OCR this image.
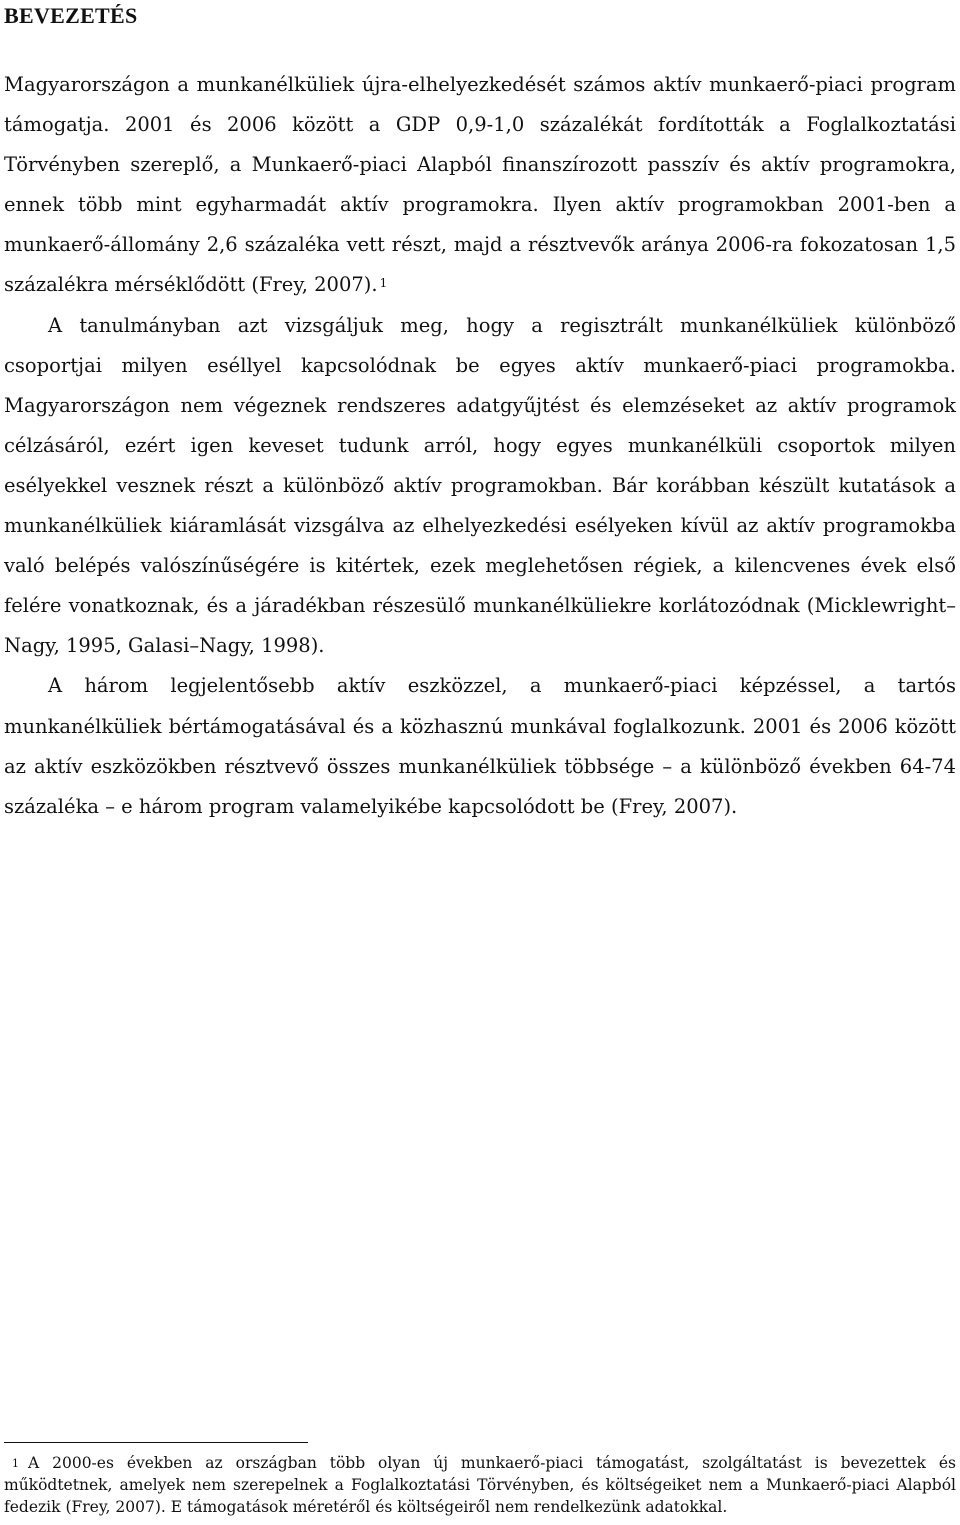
BEVEZETÉS

Magyarországon a munkanélküliek újra-elhelyezkedését számos aktív munkaerő-piaci program támogatja. 2001 és 2006 között a GDP 0,9-1,0 százalékát fordították a Foglalkoztatási Törvényben szereplő, a Munkaerő-piaci Alapból finanszírozott passzív és aktív programokra, ennek több mint egyharmadát aktív programokra. Ilyen aktív programokban 2001-ben a munkaerő-állomány 2,6 százaléka vett részt, majd a résztvevők aránya 2006-ra fokozatosan 1,5 százalékra mérséklődött (Frey, 2007). $^1$

A tanulmányban azt vizsgáljuk meg, hogy a regisztrált munkanélküliek különböző csoportjai milyen eséllyel kapcsolódnak be egyes aktív munkaerő-piaci programokba. Magyarországon nem végeznek rendszeres adatgyűjtést és elemzéseket az aktív programok célzásáról, ezért igen keveset tudunk arról, hogy egyes munkanélküli csoportok milyen esélyekkel vesznek részt a különböző aktív programokban. Bár korábban készült kutatások a munkanélküliek kiáramlását vizsgálva az elhelyezkedési esélyeken kívül az aktív programokba való belépés valószínűségére is kitértek, ezek meglehetősen régiek, a kilencvenes évek első felére vonatkoznak, és a járadékban részesülő munkanélküliekre korlátozódnak (Micklewright–Nagy, 1995, Galasi–Nagy, 1998).

A három legjelentősebb aktív eszközzel, a munkaerő-piaci képzéssel, a tartós munkanélküliek bértámogatásával és a közhasznú munkával foglalkozunk. 2001 és 2006 között az aktív eszközökben résztvevő összes munkanélküliek többsége – a különböző években 64-74 százaléka – e három program valamelyikébe kapcsolódott be (Frey, 2007).

1 A 2000-es években az országban több olyan új munkaerő-piaci támogatást, szolgáltatást is bevezettek és működtetnek, amelyek nem szerepelnek a Foglalkoztatási Törvényben, és költségeiket nem a Munkaerő-piaci Alapból fedezik (Frey, 2007). E támogatások méretéről és költségeiről nem rendelkezünk adatokkal.
